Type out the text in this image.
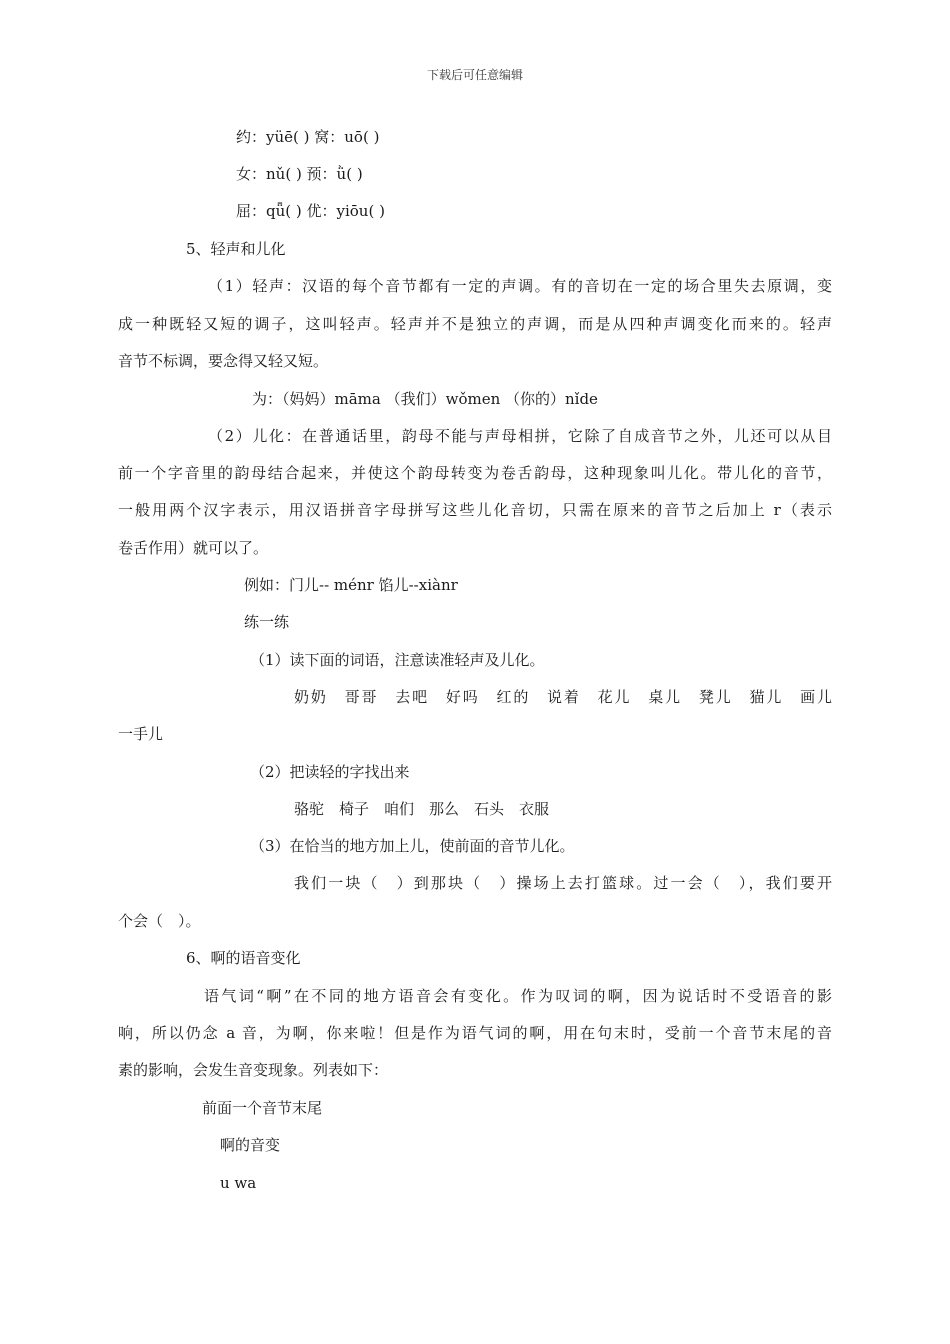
下载后可任意编辑
约：yüē( ) 窝：uō( )
女：nǔ( ) 预：ǜ( )
屈：qǖ( ) 优：yiōu( )
5、轻声和儿化
（1）轻声：汉语的每个音节都有一定的声调。有的音切在一定的场合里失去原调，变
成一种既轻又短的调子，这叫轻声。轻声并不是独立的声调，而是从四种声调变化而来的。轻声
音节不标调，要念得又轻又短。
为：（妈妈）māma （我们）wǒmen （你的）nǐde
（2）儿化：在普通话里，韵母不能与声母相拼，它除了自成音节之外，儿还可以从目
前一个字音里的韵母结合起来，并使这个韵母转变为卷舌韵母，这种现象叫儿化。带儿化的音节，
一般用两个汉字表示，用汉语拼音字母拼写这些儿化音切，只需在原来的音节之后加上 r（表示
卷舌作用）就可以了。
例如：门儿-- ménr 馅儿--xiànr
练一练
（1）读下面的词语，注意读准轻声及儿化。
奶奶　哥哥　去吧　好吗　红的　说着　花儿　桌儿　凳儿　猫儿　画儿
一手儿
（2）把读轻的字找出来
骆驼　椅子　咱们　那么　石头　衣服
（3）在恰当的地方加上儿，使前面的音节儿化。
我们一块（　）到那块（　）操场上去打篮球。过一会（　），我们要开
个会（　）。
6、啊的语音变化
语气词“啊”在不同的地方语音会有变化。作为叹词的啊，因为说话时不受语音的影
响，所以仍念 a 音，为啊，你来啦！但是作为语气词的啊，用在句末时，受前一个音节末尾的音
素的影响，会发生音变现象。列表如下：
前面一个音节末尾
啊的音变
u wa
